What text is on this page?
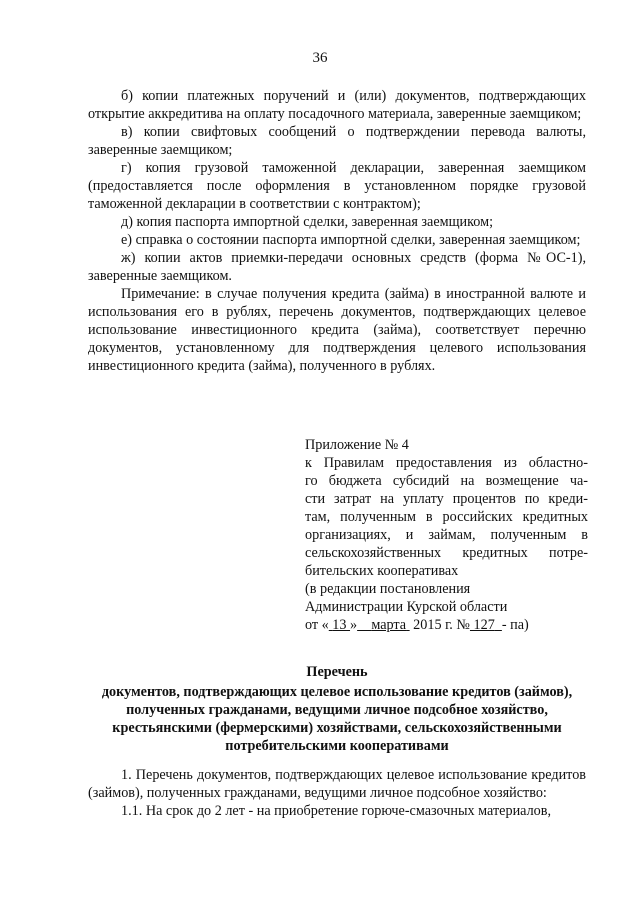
36

б) копии платежных поручений и (или) документов, подтверждающих открытие аккредитива на оплату посадочного материала, заверенные заемщиком;

в) копии свифтовых сообщений о подтверждении перевода валюты, заверенные заемщиком;

г) копия грузовой таможенной декларации, заверенная заемщиком (предоставляется после оформления в установленном порядке грузовой таможенной декларации в соответствии с контрактом);

д) копия паспорта импортной сделки, заверенная заемщиком;

е) справка о состоянии паспорта импортной сделки, заверенная заемщиком;

ж) копии актов приемки-передачи основных средств (форма №ОС-1), заверенные заемщиком.

Примечание: в случае получения кредита (займа) в иностранной валюте и использования его в рублях, перечень документов, подтверждающих целевое использование инвестиционного кредита (займа), соответствует перечню документов, установленному для подтверждения целевого использования инвестиционного кредита (займа), полученного в рублях.

Приложение № 4
к Правилам предоставления из областно-
го бюджета субсидий на возмещение ча-
сти затрат на уплату процентов по креди-
там, полученным в российских кредитных
организациях, и займам, полученным в
сельскохозяйственных кредитных потре-
бительских кооперативах
(в редакции постановления
Администрации Курской области
от « 13 » марта 2015 г. № 127 - па)
Перечень
документов, подтверждающих целевое использование кредитов (займов), полученных гражданами, ведущими личное подсобное хозяйство, крестьянскими (фермерскими) хозяйствами, сельскохозяйственными потребительскими кооперативами

1. Перечень документов, подтверждающих целевое использование кредитов (займов), полученных гражданами, ведущими личное подсобное хозяйство:

1.1. На срок до 2 лет - на приобретение горюче-смазочных материалов,
